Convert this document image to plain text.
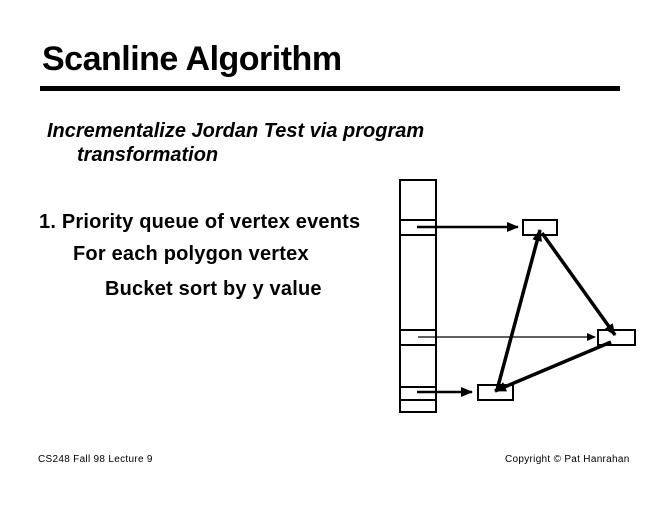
Scanline Algorithm
Incrementalize Jordan Test via program
transformation
1. Priority queue of vertex events
For each polygon vertex
Bucket sort by y value
CS248 Fall 98 Lecture 9	Copyright © Pat Hanrahan
